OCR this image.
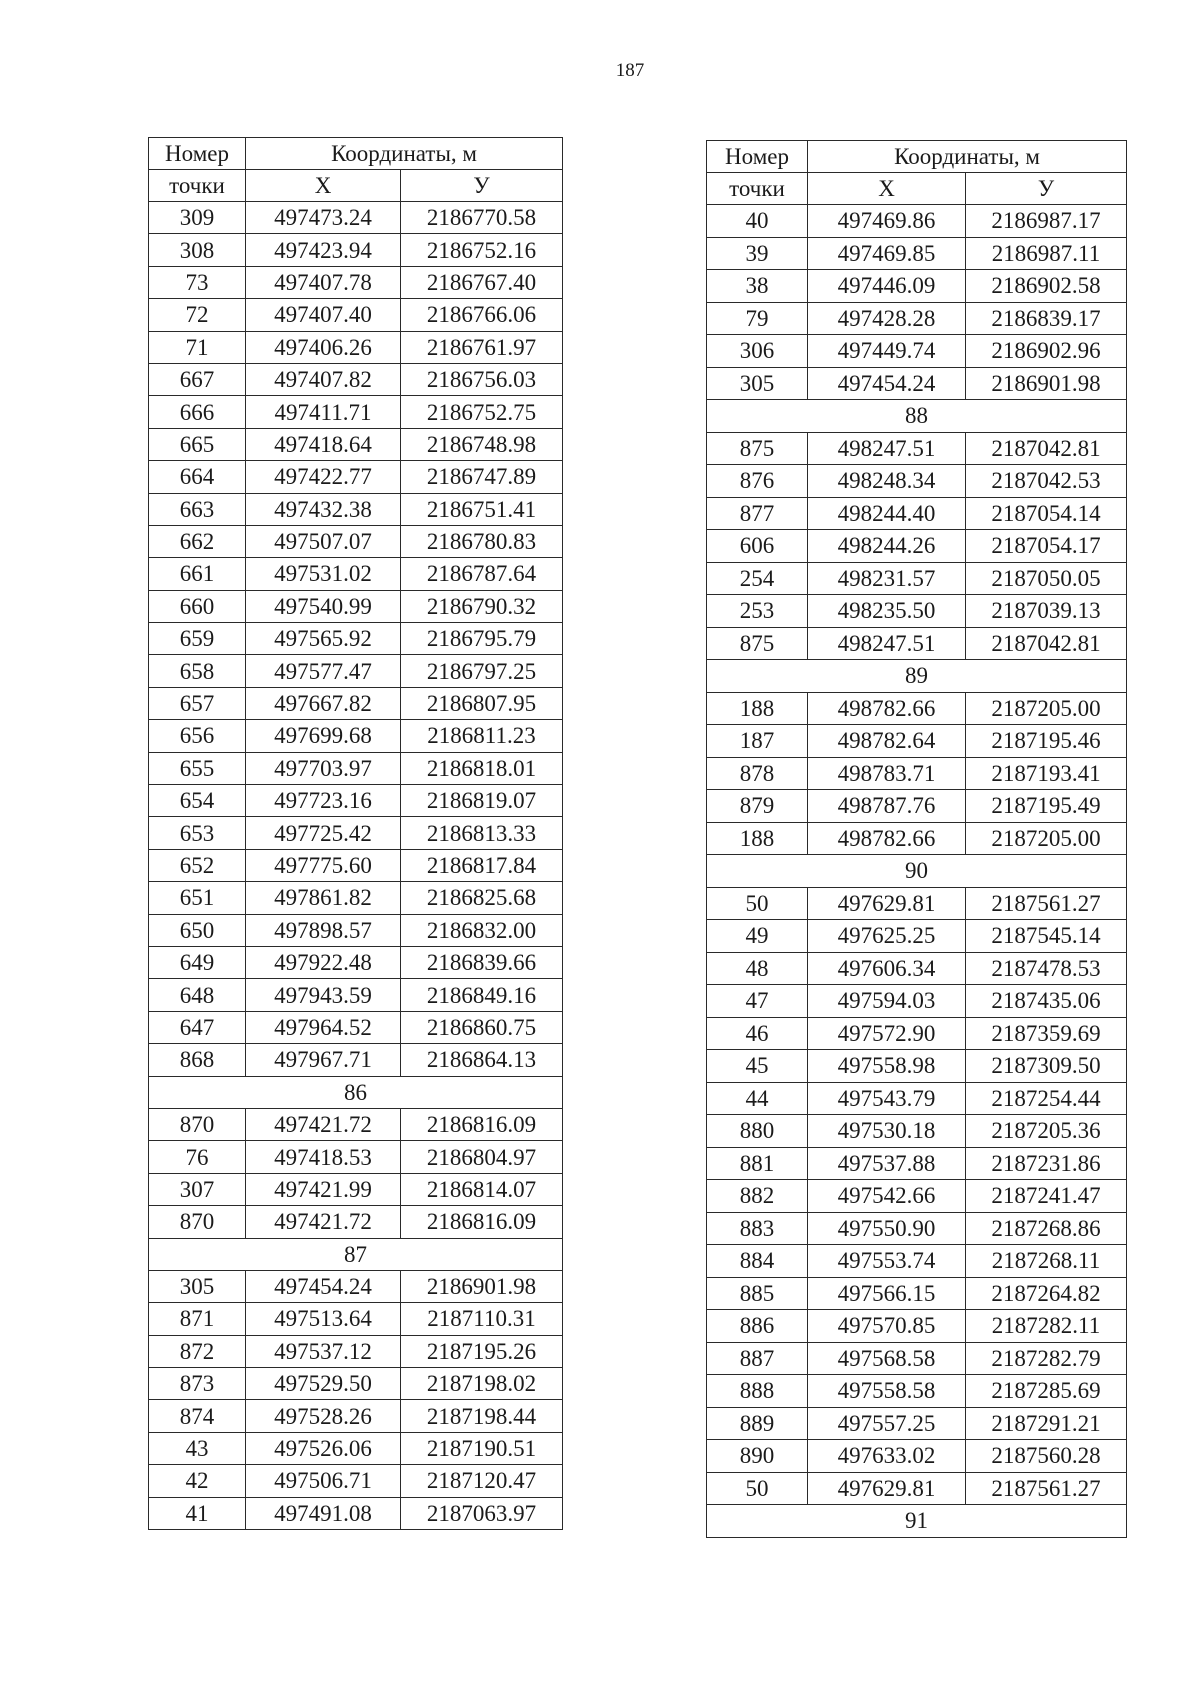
187
Номер	Координаты, м	
точки	X	У
309	497473.24	2186770.58
308	497423.94	2186752.16
73	497407.78	2186767.40
72	497407.40	2186766.06
71	497406.26	2186761.97
667	497407.82	2186756.03
666	497411.71	2186752.75
665	497418.64	2186748.98
664	497422.77	2186747.89
663	497432.38	2186751.41
662	497507.07	2186780.83
661	497531.02	2186787.64
660	497540.99	2186790.32
659	497565.92	2186795.79
658	497577.47	2186797.25
657	497667.82	2186807.95
656	497699.68	2186811.23
655	497703.97	2186818.01
654	497723.16	2186819.07
653	497725.42	2186813.33
652	497775.60	2186817.84
651	497861.82	2186825.68
650	497898.57	2186832.00
649	497922.48	2186839.66
648	497943.59	2186849.16
647	497964.52	2186860.75
868	497967.71	2186864.13
86		
870	497421.72	2186816.09
76	497418.53	2186804.97
307	497421.99	2186814.07
870	497421.72	2186816.09
87		
305	497454.24	2186901.98
871	497513.64	2187110.31
872	497537.12	2187195.26
873	497529.50	2187198.02
874	497528.26	2187198.44
43	497526.06	2187190.51
42	497506.71	2187120.47
41	497491.08	2187063.97
Номер	Координаты, м	
точки	X	У
40	497469.86	2186987.17
39	497469.85	2186987.11
38	497446.09	2186902.58
79	497428.28	2186839.17
306	497449.74	2186902.96
305	497454.24	2186901.98
88		
875	498247.51	2187042.81
876	498248.34	2187042.53
877	498244.40	2187054.14
606	498244.26	2187054.17
254	498231.57	2187050.05
253	498235.50	2187039.13
875	498247.51	2187042.81
89		
188	498782.66	2187205.00
187	498782.64	2187195.46
878	498783.71	2187193.41
879	498787.76	2187195.49
188	498782.66	2187205.00
90		
50	497629.81	2187561.27
49	497625.25	2187545.14
48	497606.34	2187478.53
47	497594.03	2187435.06
46	497572.90	2187359.69
45	497558.98	2187309.50
44	497543.79	2187254.44
880	497530.18	2187205.36
881	497537.88	2187231.86
882	497542.66	2187241.47
883	497550.90	2187268.86
884	497553.74	2187268.11
885	497566.15	2187264.82
886	497570.85	2187282.11
887	497568.58	2187282.79
888	497558.58	2187285.69
889	497557.25	2187291.21
890	497633.02	2187560.28
50	497629.81	2187561.27
91		
